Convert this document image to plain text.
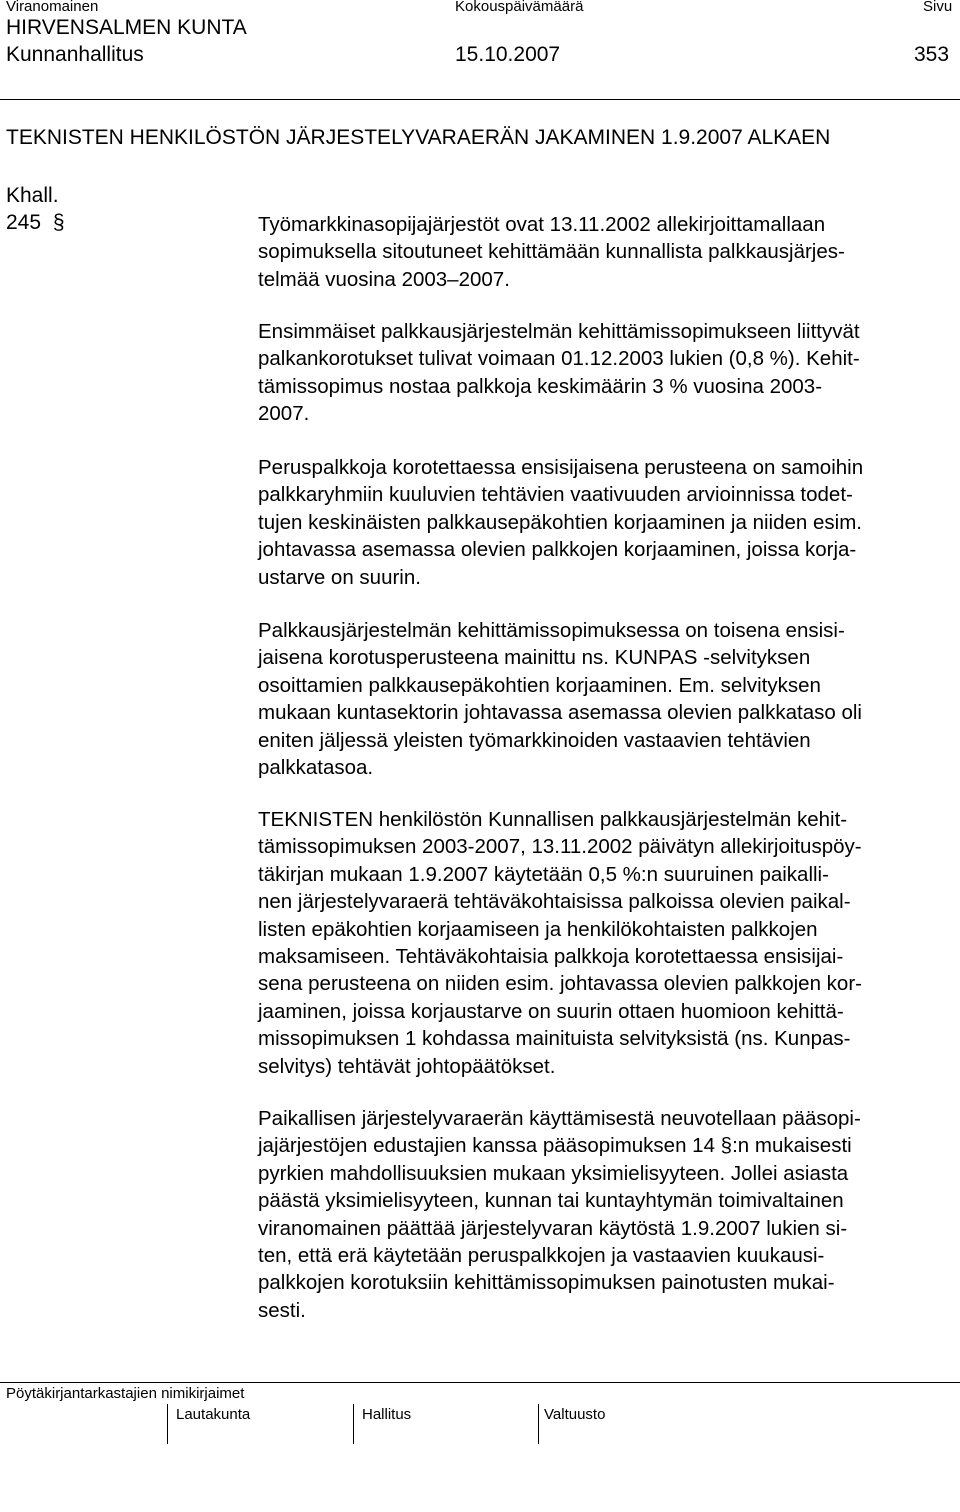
Viranomainen	Kokouspäivämäärä	Sivu
HIRVENSALMEN KUNTA
Kunnanhallitus	15.10.2007	353
TEKNISTEN HENKILÖSTÖN JÄRJESTELYVARAERÄN JAKAMINEN 1.9.2007 ALKAEN
Khall.
245 §	Työmarkkinasopijajärjestöt ovat 13.11.2002 allekirjoittamallaan
sopimuksella sitoutuneet kehittämään kunnallista palkkausjärjes-
telmää vuosina 2003–2007.
Ensimmäiset palkkausjärjestelmän kehittämissopimukseen liittyvät
palkankorotukset tulivat voimaan 01.12.2003 lukien (0,8 %). Kehit-
tämissopimus nostaa palkkoja keskimäärin 3 % vuosina 2003-
2007.
Peruspalkkoja korotettaessa ensisijaisena perusteena on samoihin
palkkaryhmiin kuuluvien tehtävien vaativuuden arvioinnissa todet-
tujen keskinäisten palkkausepäkohtien korjaaminen ja niiden esim.
johtavassa asemassa olevien palkkojen korjaaminen, joissa korja-
ustarve on suurin.
Palkkausjärjestelmän kehittämissopimuksessa on toisena ensisi-
jaisena korotusperusteena mainittu ns. KUNPAS -selvityksen
osoittamien palkkausepäkohtien korjaaminen. Em. selvityksen
mukaan kuntasektorin johtavassa asemassa olevien palkkataso oli
eniten jäljessä yleisten työmarkkinoiden vastaavien tehtävien
palkkatasoa.
TEKNISTEN henkilöstön Kunnallisen palkkausjärjestelmän kehit-
tämissopimuksen 2003-2007, 13.11.2002 päivätyn allekirjoituspöy-
täkirjan mukaan 1.9.2007 käytetään 0,5 %:n suuruinen paikalli-
nen järjestelyvaraerä tehtäväkohtaisissa palkoissa olevien paikal-
listen epäkohtien korjaamiseen ja henkilökohtaisten palkkojen
maksamiseen. Tehtäväkohtaisia palkkoja korotettaessa ensisijai-
sena perusteena on niiden esim. johtavassa olevien palkkojen kor-
jaaminen, joissa korjaustarve on suurin ottaen huomioon kehittä-
missopimuksen 1 kohdassa mainituista selvityksistä (ns. Kunpas-
selvitys) tehtävät johtopäätökset.
Paikallisen järjestelyvaraerän käyttämisestä neuvotellaan pääsopi-
jajärjestöjen edustajien kanssa pääsopimuksen 14 §:n mukaisesti
pyrkien mahdollisuuksien mukaan yksimielisyyteen. Jollei asiasta
päästä yksimielisyyteen, kunnan tai kuntayhtymän toimivaltainen
viranomainen päättää järjestelyvaran käytöstä 1.9.2007 lukien si-
ten, että erä käytetään peruspalkkojen ja vastaavien kuukausi-
palkkojen korotuksiin kehittämissopimuksen painotusten mukai-
sesti.
Pöytäkirjantarkastajien nimikirjaimet
Lautakunta	Hallitus	Valtuusto
